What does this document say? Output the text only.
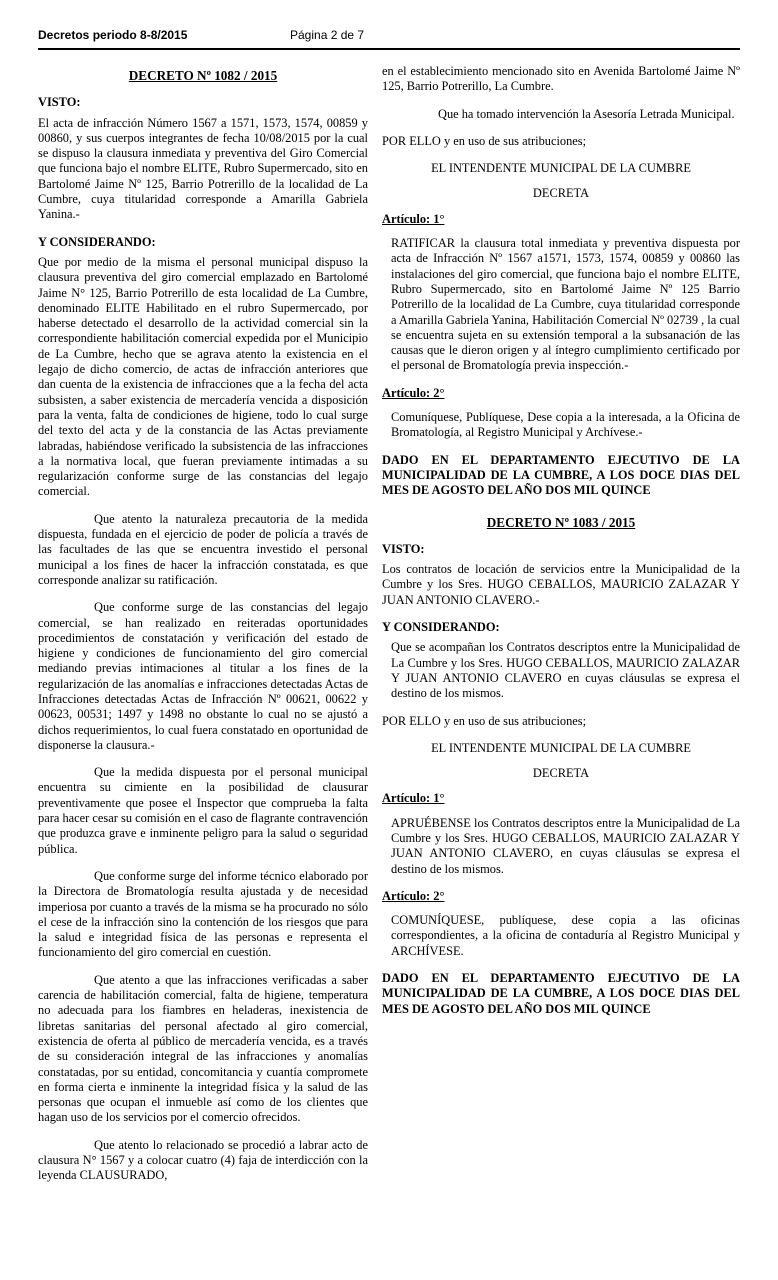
Decretos periodo 8-8/2015	Página 2 de 7
DECRETO Nº 1082 / 2015
VISTO:
El acta de infracción Número 1567 a 1571, 1573, 1574, 00859 y 00860, y sus cuerpos integrantes de fecha 10/08/2015 por la cual se dispuso la clausura inmediata y preventiva del Giro Comercial que funciona bajo el nombre ELITE, Rubro Supermercado, sito en Bartolomé Jaime Nº 125, Barrio Potrerillo de la localidad de La Cumbre, cuya titularidad corresponde a Amarilla Gabriela Yanina.-
Y CONSIDERANDO:
Que por medio de la misma el personal municipal dispuso la clausura preventiva del giro comercial emplazado en Bartolomé Jaime N° 125, Barrio Potrerillo de esta localidad de La Cumbre, denominado ELITE Habilitado en el rubro Supermercado, por haberse detectado el desarrollo de la actividad comercial sin la correspondiente habilitación comercial expedida por el Municipio de La Cumbre, hecho que se agrava atento la existencia en el legajo de dicho comercio, de actas de infracción anteriores que dan cuenta de la existencia de infracciones que a la fecha del acta subsisten, a saber existencia de mercadería vencida a disposición para la venta, falta de condiciones de higiene, todo lo cual surge del texto del acta y de la constancia de las Actas previamente labradas, habiéndose verificado la subsistencia de las infracciones a la normativa local, que fueran previamente intimadas a su regularización conforme surge de las constancias del legajo comercial.
Que atento la naturaleza precautoria de la medida dispuesta, fundada en el ejercicio de poder de policía a través de las facultades de las que se encuentra investido el personal municipal a los fines de hacer la infracción constatada, es que corresponde analizar su ratificación.
Que conforme surge de las constancias del legajo comercial, se han realizado en reiteradas oportunidades procedimientos de constatación y verificación del estado de higiene y condiciones de funcionamiento del giro comercial mediando previas intimaciones al titular a los fines de la regularización de las anomalías e infracciones detectadas Actas de Infracciones detectadas Actas de Infracción Nº 00621, 00622 y 00623, 00531; 1497 y 1498 no obstante lo cual no se ajustó a dichos requerimientos, lo cual fuera constatado en oportunidad de disponerse la clausura.-
Que la medida dispuesta por el personal municipal encuentra su cimiente en la posibilidad de clausurar preventivamente que posee el Inspector que comprueba la falta para hacer cesar su comisión en el caso de flagrante contravención que produzca grave e inminente peligro para la salud o seguridad pública.
Que conforme surge del informe técnico elaborado por la Directora de Bromatología resulta ajustada y de necesidad imperiosa por cuanto a través de la misma se ha procurado no sólo el cese de la infracción sino la contención de los riesgos que para la salud e integridad física de las personas e representa el funcionamiento del giro comercial en cuestión.
Que atento a que las infracciones verificadas a saber carencia de habilitación comercial, falta de higiene, temperatura no adecuada para los fiambres en heladeras, inexistencia de libretas sanitarias del personal afectado al giro comercial, existencia de oferta al público de mercadería vencida, es a través de su consideración integral de las infracciones y anomalías constatadas, por su entidad, concomitancia y cuantía compromete en forma cierta e inminente la integridad física y la salud de las personas que ocupan el inmueble así como de los clientes que hagan uso de los servicios por el comercio ofrecidos.
Que atento lo relacionado se procedió a labrar acto de clausura N° 1567 y a colocar cuatro (4) faja de interdicción con la leyenda CLAUSURADO,
en el establecimiento mencionado sito en Avenida Bartolomé Jaime Nº 125, Barrio Potrerillo, La Cumbre.
Que ha tomado intervención la Asesoría Letrada Municipal.
POR ELLO y en uso de sus atribuciones;
EL INTENDENTE MUNICIPAL DE LA CUMBRE
DECRETA
Artículo: 1°
RATIFICAR la clausura total inmediata y preventiva dispuesta por acta de Infracción Nº 1567 a1571, 1573, 1574, 00859 y 00860 las instalaciones del giro comercial, que funciona bajo el nombre ELITE, Rubro Supermercado, sito en Bartolomé Jaime Nº 125 Barrio Potrerillo de la localidad de La Cumbre, cuya titularidad corresponde a Amarilla Gabriela Yanina, Habilitación Comercial Nº 02739 , la cual se encuentra sujeta en su extensión temporal a la subsanación de las causas que le dieron origen y al íntegro cumplimiento certificado por el personal de Bromatología previa inspección.-
Artículo: 2°
Comuníquese, Publíquese, Dese copia a la interesada, a la Oficina de Bromatología, al Registro Municipal y Archívese.-
DADO EN EL DEPARTAMENTO EJECUTIVO DE LA MUNICIPALIDAD DE LA CUMBRE, A LOS DOCE DIAS DEL MES DE AGOSTO DEL AÑO DOS MIL QUINCE
DECRETO Nº 1083 / 2015
VISTO:
Los contratos de locación de servicios entre la Municipalidad de la Cumbre y los Sres. HUGO CEBALLOS, MAURICIO ZALAZAR Y JUAN ANTONIO CLAVERO.-
Y CONSIDERANDO:
Que se acompañan los Contratos descriptos entre la Municipalidad de La Cumbre y los Sres. HUGO CEBALLOS, MAURICIO ZALAZAR Y JUAN ANTONIO CLAVERO en cuyas cláusulas se expresa el destino de los mismos.
POR ELLO y en uso de sus atribuciones;
EL INTENDENTE MUNICIPAL DE LA CUMBRE
DECRETA
Artículo: 1°
APRUÉBENSE los Contratos descriptos entre la Municipalidad de La Cumbre y los Sres. HUGO CEBALLOS, MAURICIO ZALAZAR Y JUAN ANTONIO CLAVERO, en cuyas cláusulas se expresa el destino de los mismos.
Artículo: 2°
COMUNÍQUESE, publíquese, dese copia a las oficinas correspondientes, a la oficina de contaduría al Registro Municipal y ARCHÍVESE.
DADO EN EL DEPARTAMENTO EJECUTIVO DE LA MUNICIPALIDAD DE LA CUMBRE, A LOS DOCE DIAS DEL MES DE AGOSTO DEL AÑO DOS MIL QUINCE
